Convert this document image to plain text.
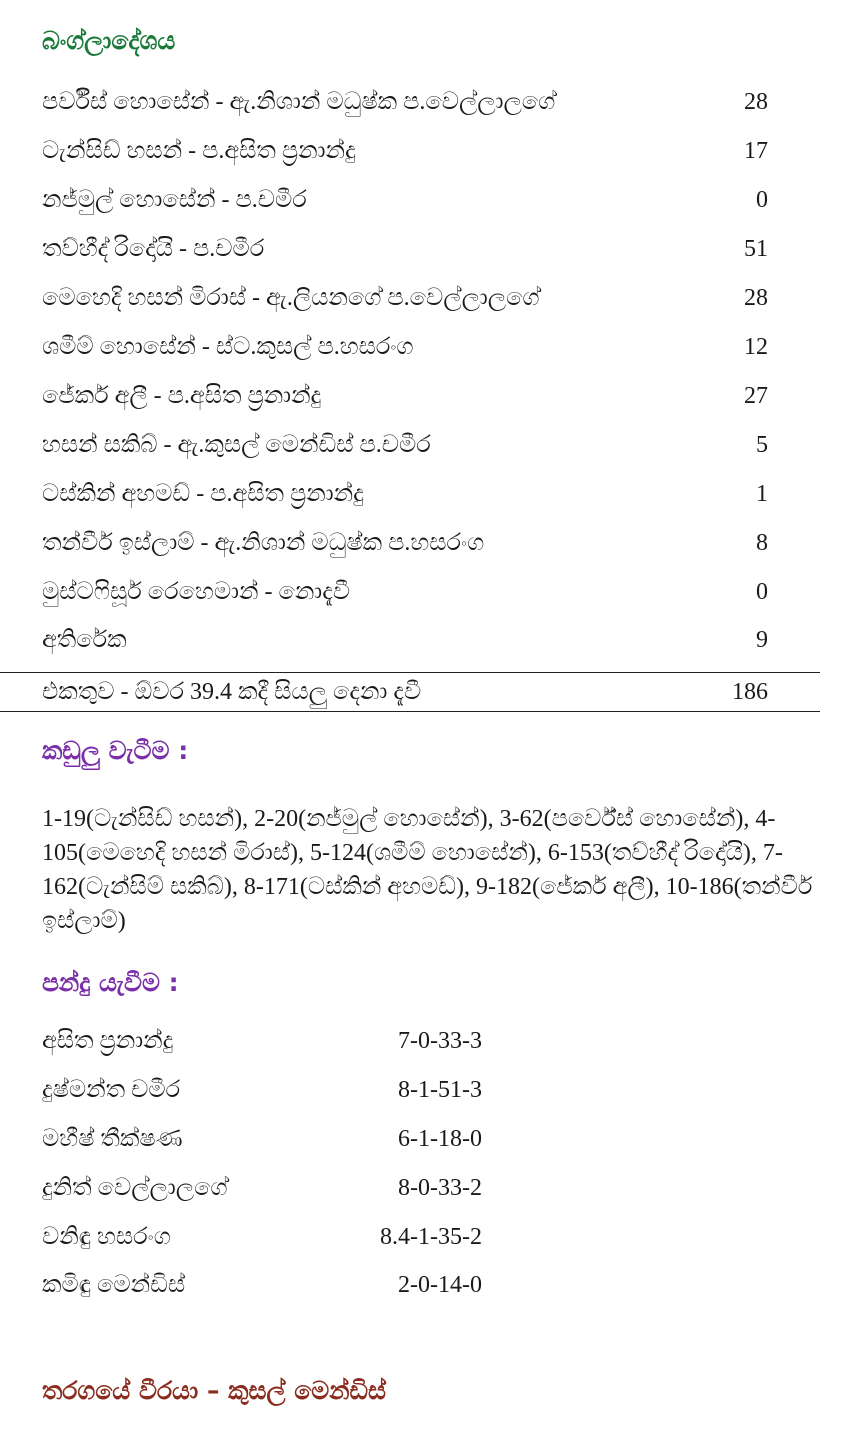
බංග්ලාදේශය
පර්වීස් හොසේන් - ඇ.නිශාන් මධුෂ්ක ප.වෙල්ලාලගේ	28
ටැන්සිඩ් හසන් - ප.අසිත ප්‍රනාන්දු	17
නජ්මුල් හොසේන් - ප.චමීර	0
තව්හීද් රිදෝයි - ප.චමීර	51
මෙහෙදි හසන් මිරාස් - ඇ.ලියනගේ ප.වෙල්ලාලගේ	28
ශමීම් හොසේන් - ස්ට.කුසල් ප.හසරංග	12
ජේකර් අලී - ප.අසිත ප්‍රනාන්දු	27
හසන් සකිබ් - ඇ.කුසල් මෙන්ඩිස් ප.චමීර	5
ටස්කින් අහමඩ් - ප.අසිත ප්‍රනාන්දු	1
තන්වීර් ඉස්ලාම් - ඇ.නිශාන් මධුෂ්ක ප.හසරංග	8
මුස්ටෆිසූර් රෙහෙමාන් - නොදැවී	0
අතිරේක	9
එකතුව - ඕවර 39.4 කදී සියලු දෙනා දැවී	186
කඩුලු වැටීම :

1-19(ටැන්සිඩ් හසන්), 2-20(නජ්මුල් හොසේන්), 3-62(පර්වේස් හොසේන්), 4-105(මෙහෙදි හසන් මිරාස්), 5-124(ශමීම් හොසේන්), 6-153(තව්හීද් රිදෝයි), 7-162(ටැන්සිම් සකිබ්), 8-171(ටස්කින් අහමඩ්), 9-182(ජේකර් අලී), 10-186(තන්වීර් ඉස්ලාම්)

පන්දු යැවීම :
අසිත ප්‍රනාන්දු	7-0-33-3
දුෂ්මන්ත චමීර	8-1-51-3
මහීෂ් තීක්ෂණ	6-1-18-0
දුනිත් වෙල්ලාලගේ	8-0-33-2
වනිඳු හසරංග	8.4-1-35-2
කමිඳු මෙන්ඩිස්	2-0-14-0
තරගයේ වීරයා – කුසල් මෙන්ඩිස්
